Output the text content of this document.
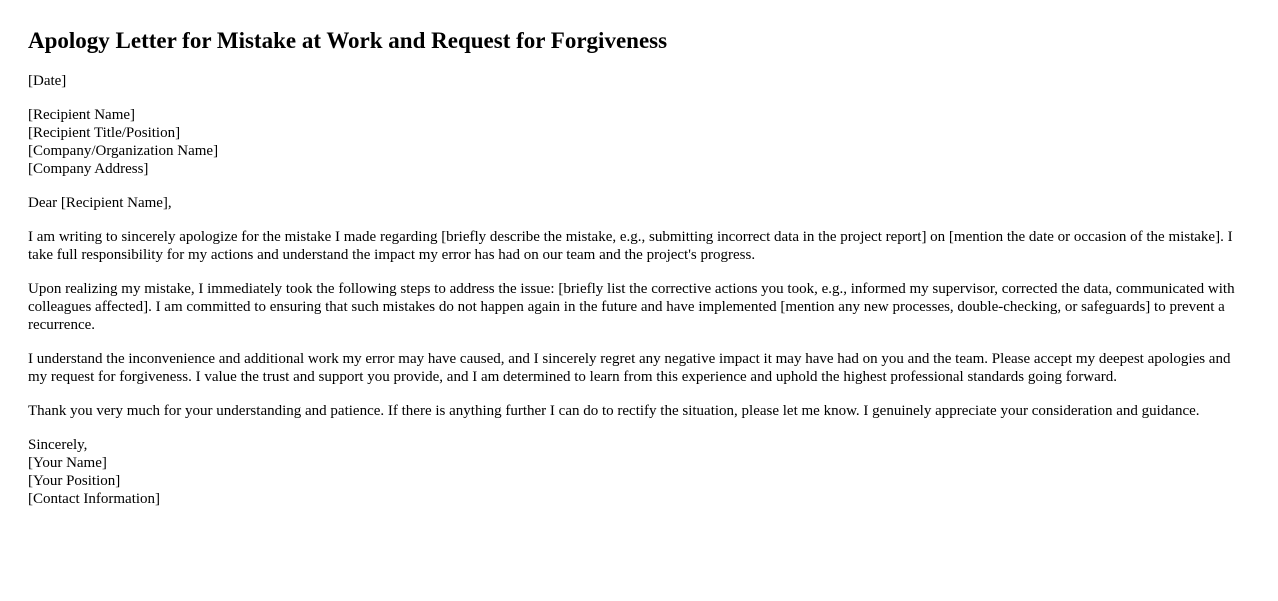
Apology Letter for Mistake at Work and Request for Forgiveness

[Date]

[Recipient Name]
[Recipient Title/Position]
[Company/Organization Name]
[Company Address]

Dear [Recipient Name],

I am writing to sincerely apologize for the mistake I made regarding [briefly describe the mistake, e.g., submitting incorrect data in the project report] on [mention the date or occasion of the mistake]. I take full responsibility for my actions and understand the impact my error has had on our team and the project's progress.

Upon realizing my mistake, I immediately took the following steps to address the issue: [briefly list the corrective actions you took, e.g., informed my supervisor, corrected the data, communicated with colleagues affected]. I am committed to ensuring that such mistakes do not happen again in the future and have implemented [mention any new processes, double-checking, or safeguards] to prevent a recurrence.

I understand the inconvenience and additional work my error may have caused, and I sincerely regret any negative impact it may have had on you and the team. Please accept my deepest apologies and my request for forgiveness. I value the trust and support you provide, and I am determined to learn from this experience and uphold the highest professional standards going forward.

Thank you very much for your understanding and patience. If there is anything further I can do to rectify the situation, please let me know. I genuinely appreciate your consideration and guidance.

Sincerely,
[Your Name]
[Your Position]
[Contact Information]
